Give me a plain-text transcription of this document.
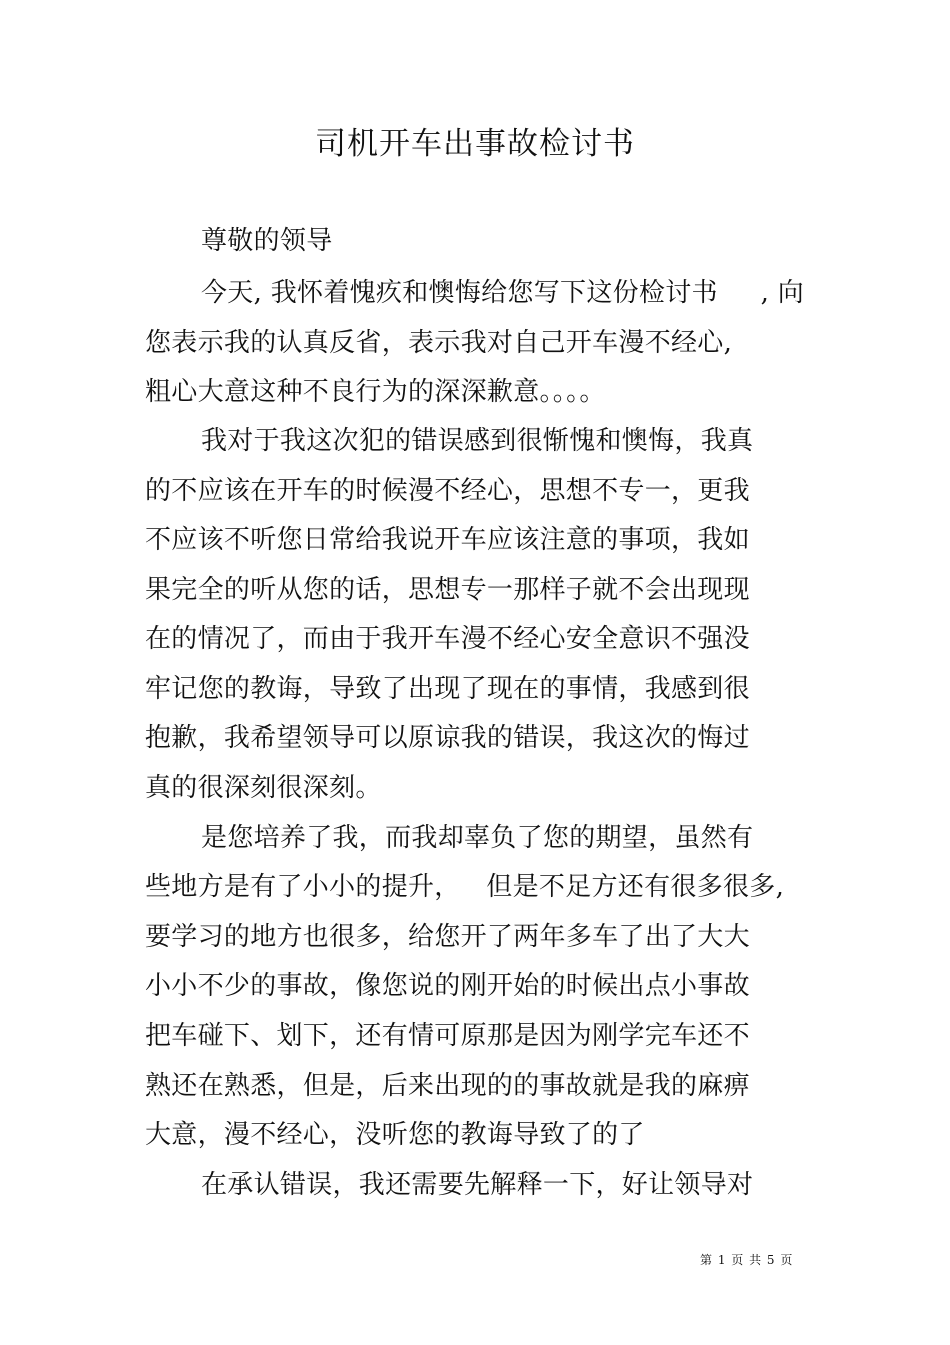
司机开车出事故检讨书
尊敬的领导
今天, 我怀着愧疚和懊悔给您写下这份检讨书     , 向
您表示我的认真反省，表示我对自己开车漫不经心,
粗心大意这种不良行为的深深歉意。。。。
我对于我这次犯的错误感到很惭愧和懊悔，我真
的不应该在开车的时候漫不经心，思想不专一，更我
不应该不听您日常给我说开车应该注意的事项，我如
果完全的听从您的话，思想专一那样子就不会出现现
在的情况了，而由于我开车漫不经心安全意识不强没
牢记您的教诲，导致了出现了现在的事情，我感到很
抱歉，我希望领导可以原谅我的错误，我这次的悔过
真的很深刻很深刻。
是您培养了我，而我却辜负了您的期望，虽然有
些地方是有了小小的提升，   但是不足方还有很多很多,
要学习的地方也很多，给您开了两年多车了出了大大
小小不少的事故，像您说的刚开始的时候出点小事故
把车碰下、划下，还有情可原那是因为刚学完车还不
熟还在熟悉，但是，后来出现的的事故就是我的麻痹
大意，漫不经心，没听您的教诲导致了的了
在承认错误，我还需要先解释一下，好让领导对
第 1 页 共 5 页
